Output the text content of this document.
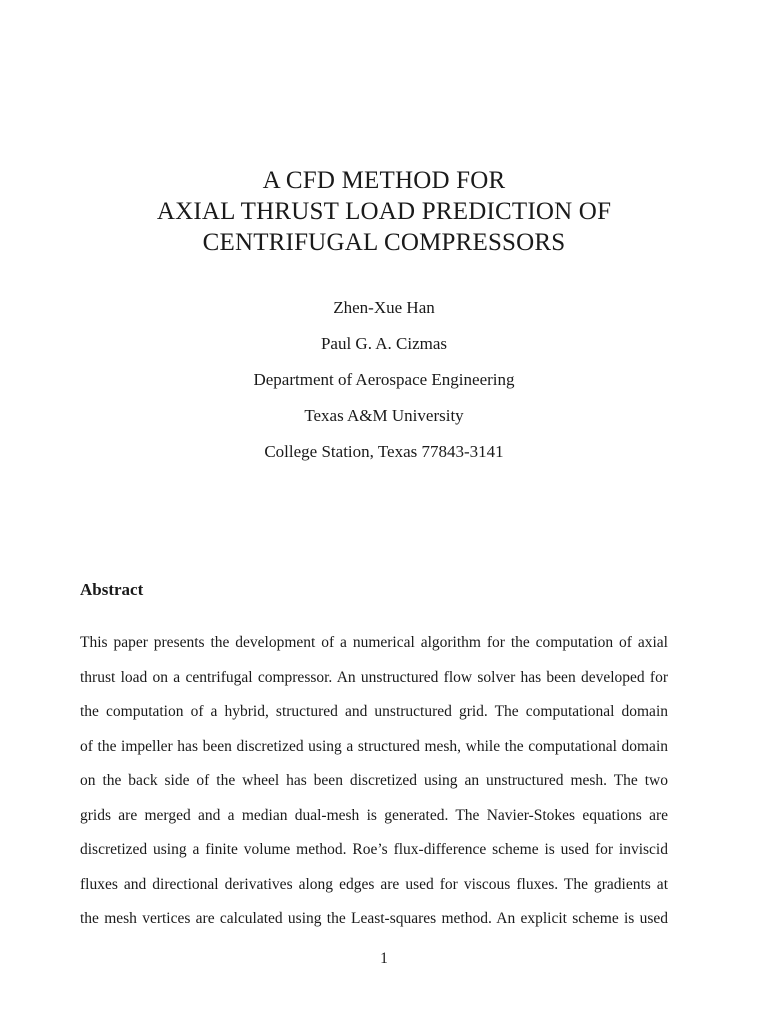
A CFD METHOD FOR
AXIAL THRUST LOAD PREDICTION OF
CENTRIFUGAL COMPRESSORS
Zhen-Xue Han
Paul G. A. Cizmas
Department of Aerospace Engineering
Texas A&M University
College Station, Texas 77843-3141
Abstract
This paper presents the development of a numerical algorithm for the computation of axial
thrust load on a centrifugal compressor. An unstructured flow solver has been developed for
the computation of a hybrid, structured and unstructured grid. The computational domain
of the impeller has been discretized using a structured mesh, while the computational domain
on the back side of the wheel has been discretized using an unstructured mesh. The two
grids are merged and a median dual-mesh is generated. The Navier-Stokes equations are
discretized using a finite volume method. Roe’s flux-difference scheme is used for inviscid
fluxes and directional derivatives along edges are used for viscous fluxes. The gradients at
the mesh vertices are calculated using the Least-squares method. An explicit scheme is used
1
